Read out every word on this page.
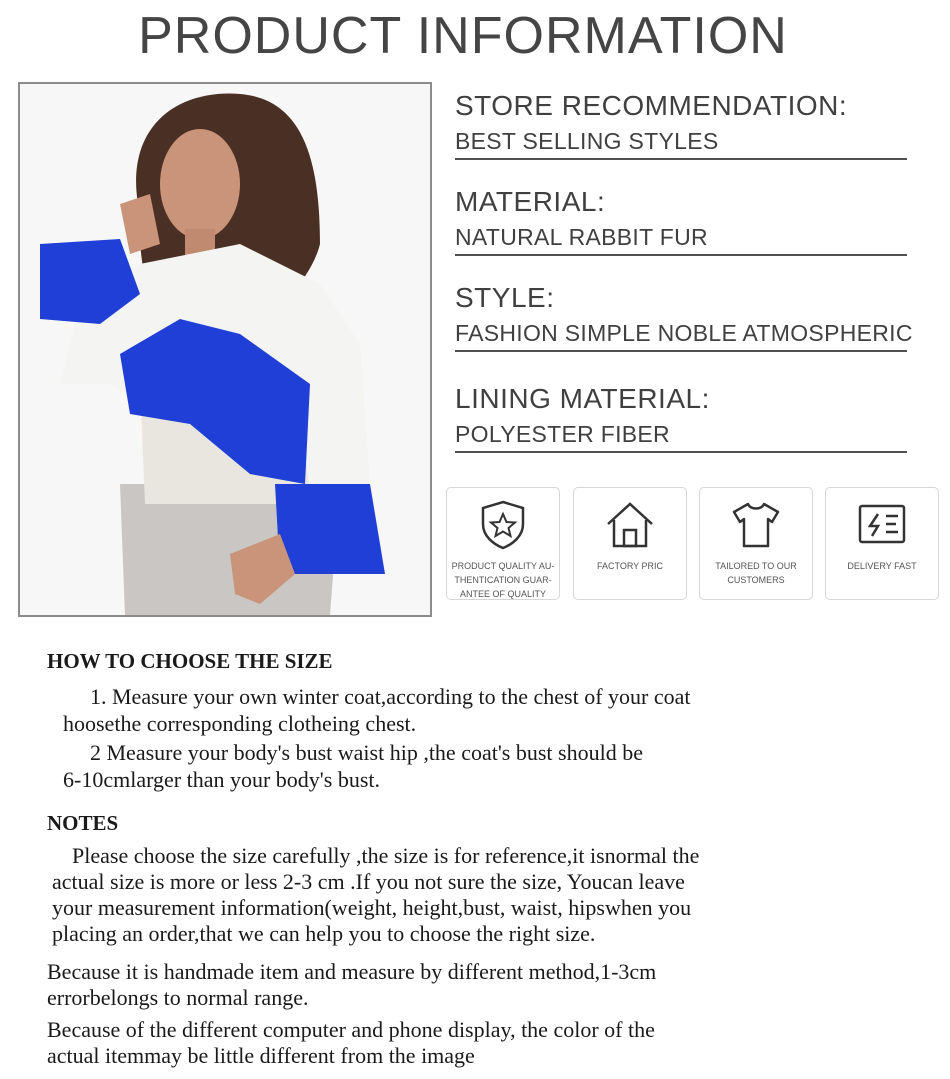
PRODUCT INFORMATION
STORE RECOMMENDATION:
BEST SELLING STYLES
MATERIAL:
NATURAL RABBIT FUR
STYLE:
FASHION SIMPLE NOBLE ATMOSPHERIC
LINING MATERIAL:
POLYESTER FIBER
PRODUCT QUALITY AU-
THENTICATION GUAR-
ANTEE OF QUALITY
FACTORY PRIC	TAILORED TO OUR
CUSTOMERS
DELIVERY FAST
HOW TO CHOOSE THE SIZE
1. Measure your own winter coat,according to the chest of your coat
hoosethe corresponding clotheing chest.
2 Measure your body's bust waist hip ,the coat's bust should be
6-10cmlarger than your body's bust.
NOTES
Please choose the size carefully ,the size is for reference,it isnormal the
actual size is more or less 2-3 cm .If you not sure the size, Youcan leave
your measurement information(weight, height,bust, waist, hipswhen you
placing an order,that we can help you to choose the right size.
Because it is handmade item and measure by different method,1-3cm
errorbelongs to normal range.
Because of the different computer and phone display, the color of the
actual itemmay be little different from the image
